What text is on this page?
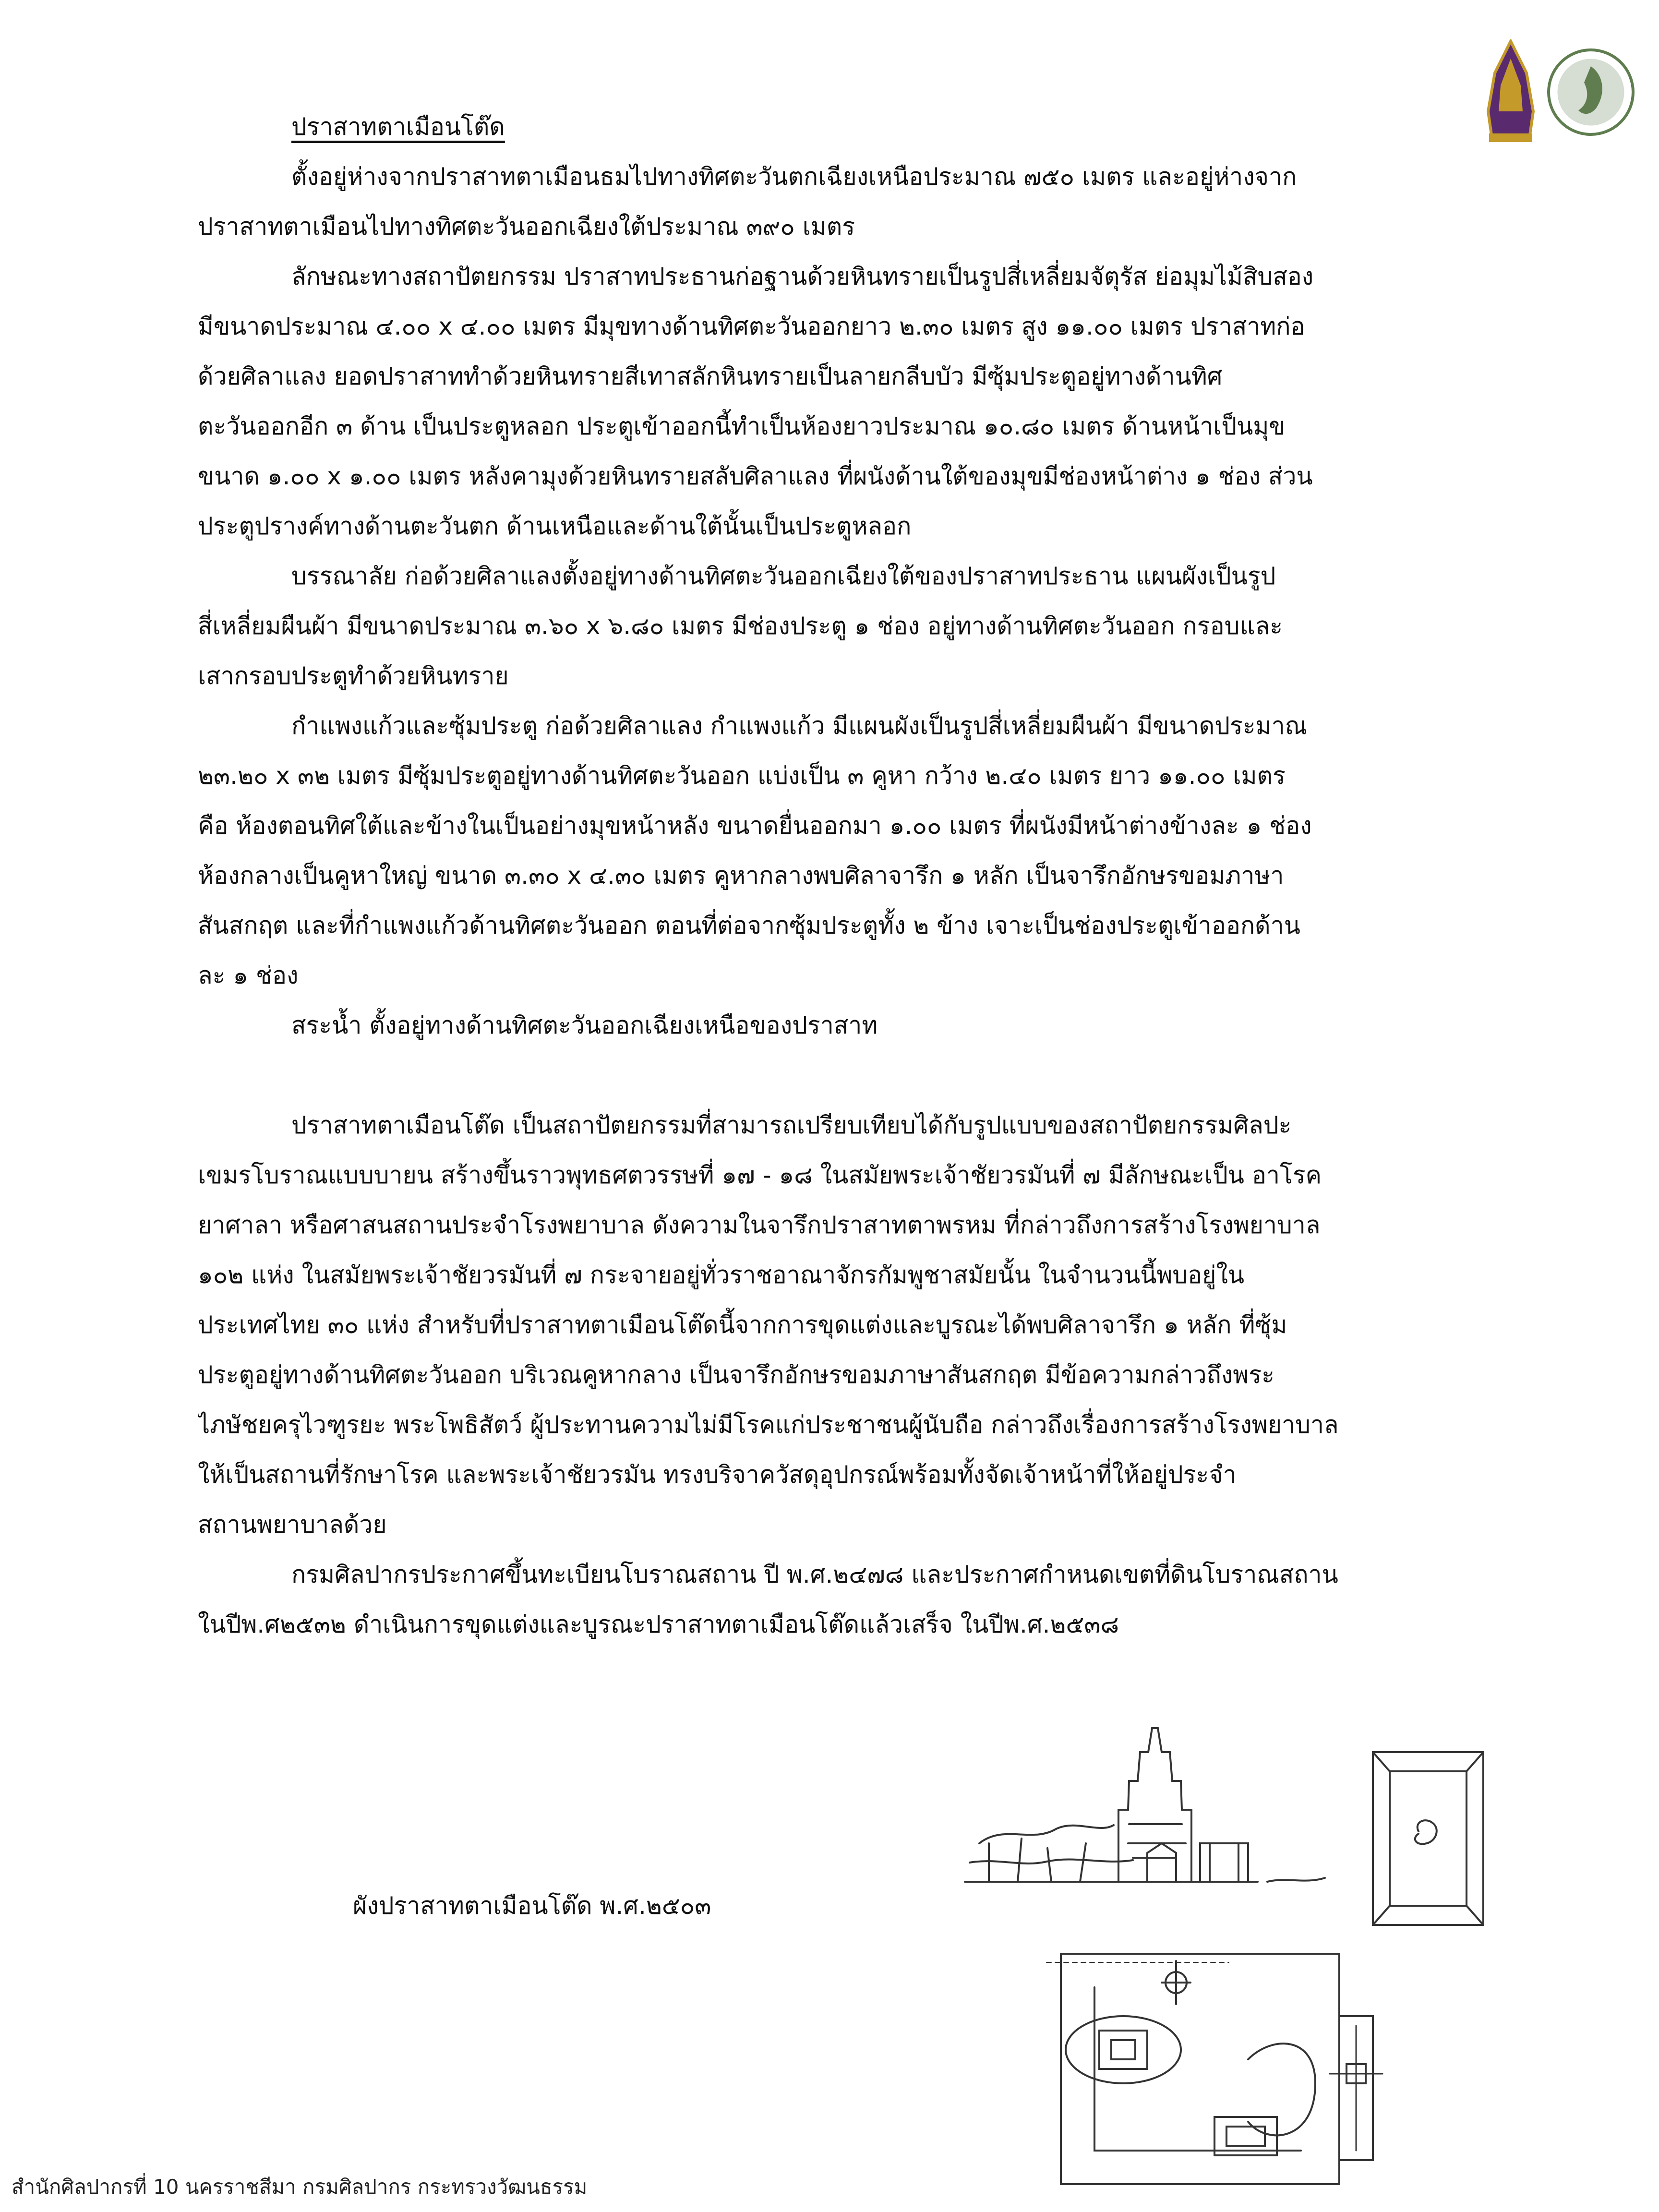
ปราสาทตาเมือนโต๊ด
ตั้งอยู่ห่างจากปราสาทตาเมือนธมไปทางทิศตะวันตกเฉียงเหนือประมาณ ๗๕๐ เมตร และอยู่ห่างจาก
ปราสาทตาเมือนไปทางทิศตะวันออกเฉียงใต้ประมาณ ๓๙๐ เมตร
ลักษณะทางสถาปัตยกรรม ปราสาทประธานก่อฐานด้วยหินทรายเป็นรูปสี่เหลี่ยมจัตุรัส ย่อมุมไม้สิบสอง
มีขนาดประมาณ ๔.๐๐ x ๔.๐๐ เมตร มีมุขทางด้านทิศตะวันออกยาว ๒.๓๐ เมตร สูง ๑๑.๐๐ เมตร ปราสาทก่อ
ด้วยศิลาแลง ยอดปราสาททำด้วยหินทรายสีเทาสลักหินทรายเป็นลายกลีบบัว มีซุ้มประตูอยู่ทางด้านทิศ
ตะวันออกอีก ๓ ด้าน เป็นประตูหลอก ประตูเข้าออกนี้ทำเป็นห้องยาวประมาณ ๑๐.๘๐ เมตร ด้านหน้าเป็นมุข
ขนาด ๑.๐๐ x ๑.๐๐ เมตร หลังคามุงด้วยหินทรายสลับศิลาแลง ที่ผนังด้านใต้ของมุขมีช่องหน้าต่าง ๑ ช่อง ส่วน
ประตูปรางค์ทางด้านตะวันตก ด้านเหนือและด้านใต้นั้นเป็นประตูหลอก
บรรณาลัย ก่อด้วยศิลาแลงตั้งอยู่ทางด้านทิศตะวันออกเฉียงใต้ของปราสาทประธาน แผนผังเป็นรูป
สี่เหลี่ยมผืนผ้า มีขนาดประมาณ ๓.๖๐ x ๖.๘๐ เมตร มีช่องประตู ๑ ช่อง อยู่ทางด้านทิศตะวันออก กรอบและ
เสากรอบประตูทำด้วยหินทราย
กำแพงแก้วและซุ้มประตู ก่อด้วยศิลาแลง กำแพงแก้ว มีแผนผังเป็นรูปสี่เหลี่ยมผืนผ้า มีขนาดประมาณ
๒๓.๒๐ x ๓๒ เมตร มีซุ้มประตูอยู่ทางด้านทิศตะวันออก แบ่งเป็น ๓ คูหา กว้าง ๒.๔๐ เมตร ยาว ๑๑.๐๐ เมตร
คือ ห้องตอนทิศใต้และข้างในเป็นอย่างมุขหน้าหลัง ขนาดยื่นออกมา ๑.๐๐ เมตร ที่ผนังมีหน้าต่างข้างละ ๑ ช่อง
ห้องกลางเป็นคูหาใหญ่ ขนาด ๓.๓๐ x ๔.๓๐ เมตร คูหากลางพบศิลาจารึก ๑ หลัก เป็นจารึกอักษรขอมภาษา
สันสกฤต และที่กำแพงแก้วด้านทิศตะวันออก ตอนที่ต่อจากซุ้มประตูทั้ง ๒ ข้าง เจาะเป็นช่องประตูเข้าออกด้าน
ละ ๑ ช่อง
สระน้ำ ตั้งอยู่ทางด้านทิศตะวันออกเฉียงเหนือของปราสาท
ปราสาทตาเมือนโต๊ด เป็นสถาปัตยกรรมที่สามารถเปรียบเทียบได้กับรูปแบบของสถาปัตยกรรมศิลปะ
เขมรโบราณแบบบายน สร้างขึ้นราวพุทธศตวรรษที่ ๑๗ - ๑๘ ในสมัยพระเจ้าชัยวรมันที่ ๗ มีลักษณะเป็น อาโรค
ยาศาลา หรือศาสนสถานประจำโรงพยาบาล ดังความในจารึกปราสาทตาพรหม ที่กล่าวถึงการสร้างโรงพยาบาล
๑๐๒ แห่ง ในสมัยพระเจ้าชัยวรมันที่ ๗ กระจายอยู่ทั่วราชอาณาจักรกัมพูชาสมัยนั้น ในจำนวนนี้พบอยู่ใน
ประเทศไทย ๓๐ แห่ง สำหรับที่ปราสาทตาเมือนโต๊ดนี้จากการขุดแต่งและบูรณะได้พบศิลาจารึก ๑ หลัก ที่ซุ้ม
ประตูอยู่ทางด้านทิศตะวันออก บริเวณคูหากลาง เป็นจารึกอักษรขอมภาษาสันสกฤต มีข้อความกล่าวถึงพระ
ไภษัชยครุไวฑูรยะ พระโพธิสัตว์ ผู้ประทานความไม่มีโรคแก่ประชาชนผู้นับถือ กล่าวถึงเรื่องการสร้างโรงพยาบาล
ให้เป็นสถานที่รักษาโรค และพระเจ้าชัยวรมัน ทรงบริจาควัสดุอุปกรณ์พร้อมทั้งจัดเจ้าหน้าที่ให้อยู่ประจำ
สถานพยาบาลด้วย
กรมศิลปากรประกาศขึ้นทะเบียนโบราณสถาน ปี พ.ศ.๒๔๗๘ และประกาศกำหนดเขตที่ดินโบราณสถาน
ในปีพ.ศ๒๕๓๒ ดำเนินการขุดแต่งและบูรณะปราสาทตาเมือนโต๊ดแล้วเสร็จ ในปีพ.ศ.๒๕๓๘
ผังปราสาทตาเมือนโต๊ด พ.ศ.๒๕๐๓
สำนักศิลปากรที่ 10 นครราชสีมา กรมศิลปากร กระทรวงวัฒนธรรม
